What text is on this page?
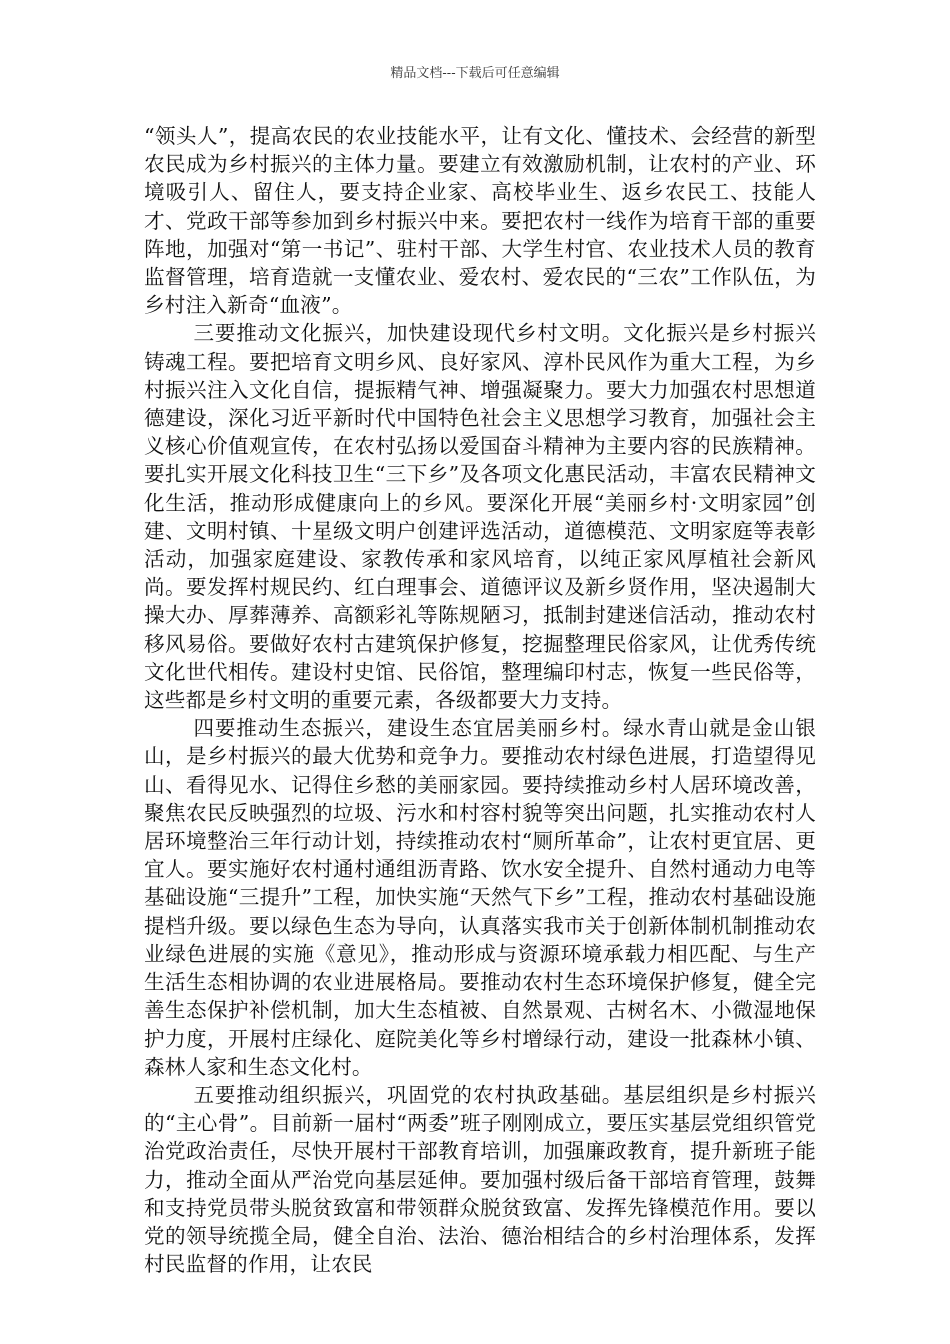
精品文档---下载后可任意编辑

“领头人”，提高农民的农业技能水平，让有文化、懂技术、会经营的新型农民成为乡村振兴的主体力量。要建立有效激励机制，让农村的产业、环境吸引人、留住人，要支持企业家、高校毕业生、返乡农民工、技能人才、党政干部等参加到乡村振兴中来。要把农村一线作为培育干部的重要阵地，加强对“第一书记”、驻村干部、大学生村官、农业技术人员的教育监督管理，培育造就一支懂农业、爱农村、爱农民的“三农”工作队伍，为乡村注入新奇“血液”。

三要推动文化振兴，加快建设现代乡村文明。文化振兴是乡村振兴铸魂工程。要把培育文明乡风、良好家风、淳朴民风作为重大工程，为乡村振兴注入文化自信，提振精气神、增强凝聚力。要大力加强农村思想道德建设，深化习近平新时代中国特色社会主义思想学习教育，加强社会主义核心价值观宣传，在农村弘扬以爱国奋斗精神为主要内容的民族精神。要扎实开展文化科技卫生“三下乡”及各项文化惠民活动，丰富农民精神文化生活，推动形成健康向上的乡风。要深化开展“美丽乡村·文明家园”创建、文明村镇、十星级文明户创建评选活动，道德模范、文明家庭等表彰活动，加强家庭建设、家教传承和家风培育，以纯正家风厚植社会新风尚。要发挥村规民约、红白理事会、道德评议及新乡贤作用，坚决遏制大操大办、厚葬薄养、高额彩礼等陈规陋习，抵制封建迷信活动，推动农村移风易俗。要做好农村古建筑保护修复，挖掘整理民俗家风，让优秀传统文化世代相传。建设村史馆、民俗馆，整理编印村志，恢复一些民俗等，这些都是乡村文明的重要元素，各级都要大力支持。

四要推动生态振兴，建设生态宜居美丽乡村。绿水青山就是金山银山，是乡村振兴的最大优势和竞争力。要推动农村绿色进展，打造望得见山、看得见水、记得住乡愁的美丽家园。要持续推动乡村人居环境改善，聚焦农民反映强烈的垃圾、污水和村容村貌等突出问题，扎实推动农村人居环境整治三年行动计划，持续推动农村“厕所革命”，让农村更宜居、更宜人。要实施好农村通村通组沥青路、饮水安全提升、自然村通动力电等基础设施“三提升”工程，加快实施“天然气下乡”工程，推动农村基础设施提档升级。要以绿色生态为导向，认真落实我市关于创新体制机制推动农业绿色进展的实施《意见》，推动形成与资源环境承载力相匹配、与生产生活生态相协调的农业进展格局。要推动农村生态环境保护修复，健全完善生态保护补偿机制，加大生态植被、自然景观、古树名木、小微湿地保护力度，开展村庄绿化、庭院美化等乡村增绿行动，建设一批森林小镇、森林人家和生态文化村。

五要推动组织振兴，巩固党的农村执政基础。基层组织是乡村振兴的“主心骨”。目前新一届村“两委”班子刚刚成立，要压实基层党组织管党治党政治责任，尽快开展村干部教育培训，加强廉政教育，提升新班子能力，推动全面从严治党向基层延伸。要加强村级后备干部培育管理，鼓舞和支持党员带头脱贫致富和带领群众脱贫致富、发挥先锋模范作用。要以党的领导统揽全局，健全自治、法治、德治相结合的乡村治理体系，发挥村民监督的作用，让农民
